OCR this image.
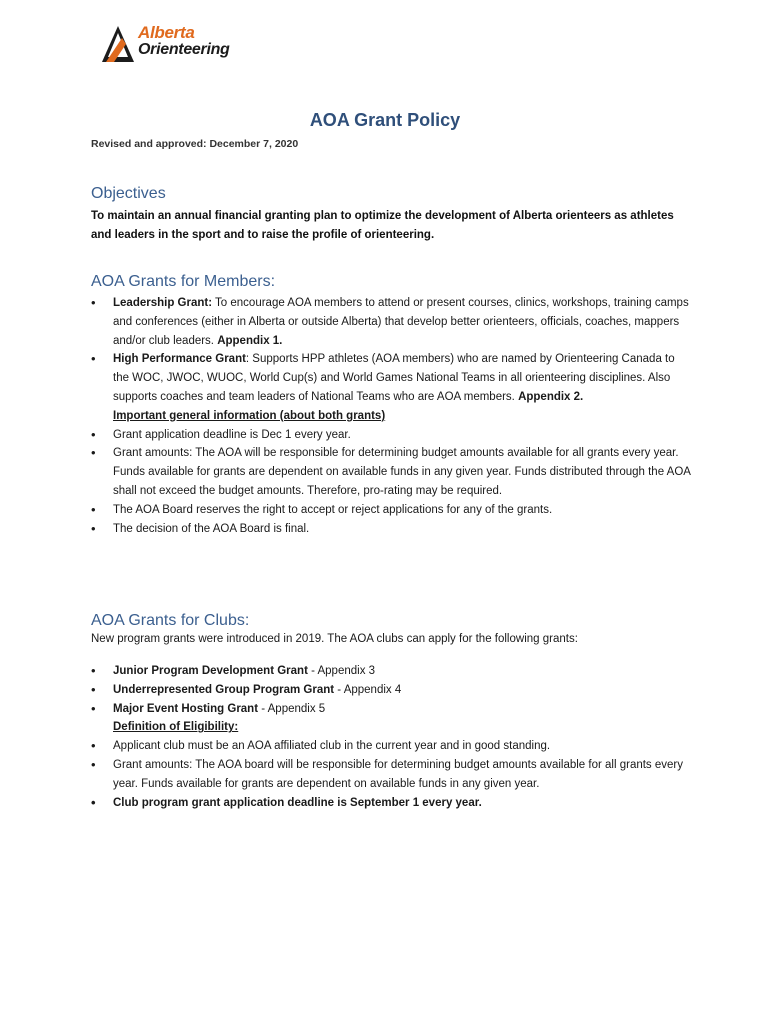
Alberta
Orienteering
AOA Grant Policy
Revised and approved: December 7, 2020
Objectives
To maintain an annual financial granting plan to optimize the development of Alberta orienteers as athletes and leaders in the sport and to raise the profile of orienteering.
AOA Grants for Members:
• Leadership Grant: To encourage AOA members to attend or present courses, clinics, workshops, training camps and conferences (either in Alberta or outside Alberta) that develop better orienteers, officials, coaches, mappers and/or club leaders. Appendix 1.
• High Performance Grant: Supports HPP athletes (AOA members) who are named by Orienteering Canada to the WOC, JWOC, WUOC, World Cup(s) and World Games National Teams in all orienteering disciplines. Also supports coaches and team leaders of National Teams who are AOA members. Appendix 2.
Important general information (about both grants)
• Grant application deadline is Dec 1 every year.
• Grant amounts: The AOA will be responsible for determining budget amounts available for all grants every year. Funds available for grants are dependent on available funds in any given year. Funds distributed through the AOA shall not exceed the budget amounts. Therefore, pro-rating may be required.
• The AOA Board reserves the right to accept or reject applications for any of the grants.
• The decision of the AOA Board is final.
AOA Grants for Clubs:
New program grants were introduced in 2019. The AOA clubs can apply for the following grants:
• Junior Program Development Grant - Appendix 3
• Underrepresented Group Program Grant - Appendix 4
• Major Event Hosting Grant - Appendix 5
Definition of Eligibility:
• Applicant club must be an AOA affiliated club in the current year and in good standing.
• Grant amounts: The AOA board will be responsible for determining budget amounts available for all grants every year. Funds available for grants are dependent on available funds in any given year.
• Club program grant application deadline is September 1 every year.
